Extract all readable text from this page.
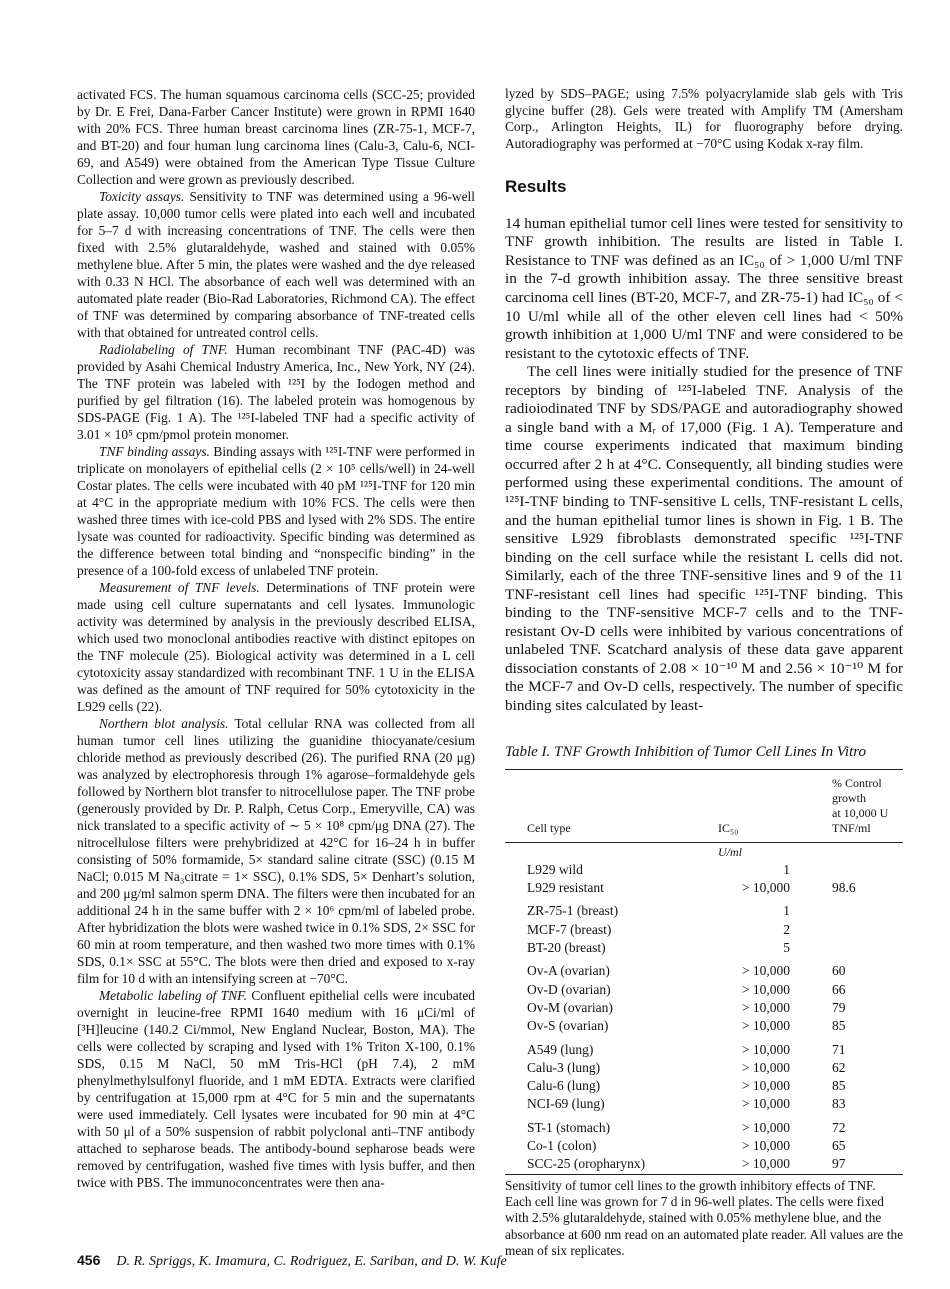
activated FCS. The human squamous carcinoma cells (SCC-25; provided by Dr. E Frei, Dana-Farber Cancer Institute) were grown in RPMI 1640 with 20% FCS. Three human breast carcinoma lines (ZR-75-1, MCF-7, and BT-20) and four human lung carcinoma lines (Calu-3, Calu-6, NCI-69, and A549) were obtained from the American Type Tissue Culture Collection and were grown as previously described.

Toxicity assays. Sensitivity to TNF was determined using a 96-well plate assay. 10,000 tumor cells were plated into each well and incubated for 5–7 d with increasing concentrations of TNF. The cells were then fixed with 2.5% glutaraldehyde, washed and stained with 0.05% methylene blue. After 5 min, the plates were washed and the dye released with 0.33 N HCl. The absorbance of each well was determined with an automated plate reader (Bio-Rad Laboratories, Richmond CA). The effect of TNF was determined by comparing absorbance of TNF-treated cells with that obtained for untreated control cells.

Radiolabeling of TNF. Human recombinant TNF (PAC-4D) was provided by Asahi Chemical Industry America, Inc., New York, NY (24). The TNF protein was labeled with ¹²⁵I by the Iodogen method and purified by gel filtration (16). The labeled protein was homogenous by SDS-PAGE (Fig. 1 A). The ¹²⁵I-labeled TNF had a specific activity of 3.01 × 10⁵ cpm/pmol protein monomer.

TNF binding assays. Binding assays with ¹²⁵I-TNF were performed in triplicate on monolayers of epithelial cells (2 × 10⁵ cells/well) in 24-well Costar plates. The cells were incubated with 40 pM ¹²⁵I-TNF for 120 min at 4°C in the appropriate medium with 10% FCS. The cells were then washed three times with ice-cold PBS and lysed with 2% SDS. The entire lysate was counted for radioactivity. Specific binding was determined as the difference between total binding and “nonspecific binding” in the presence of a 100-fold excess of unlabeled TNF protein.

Measurement of TNF levels. Determinations of TNF protein were made using cell culture supernatants and cell lysates. Immunologic activity was determined by analysis in the previously described ELISA, which used two monoclonal antibodies reactive with distinct epitopes on the TNF molecule (25). Biological activity was determined in a L cell cytotoxicity assay standardized with recombinant TNF. 1 U in the ELISA was defined as the amount of TNF required for 50% cytotoxicity in the L929 cells (22).

Northern blot analysis. Total cellular RNA was collected from all human tumor cell lines utilizing the guanidine thiocyanate/cesium chloride method as previously described (26). The purified RNA (20 μg) was analyzed by electrophoresis through 1% agarose–formaldehyde gels followed by Northern blot transfer to nitrocellulose paper. The TNF probe (generously provided by Dr. P. Ralph, Cetus Corp., Emeryville, CA) was nick translated to a specific activity of ∼ 5 × 10⁸ cpm/μg DNA (27). The nitrocellulose filters were prehybridized at 42°C for 16–24 h in buffer consisting of 50% formamide, 5× standard saline citrate (SSC) (0.15 M NaCl; 0.015 M Na₃citrate = 1× SSC), 0.1% SDS, 5× Denhart’s solution, and 200 μg/ml salmon sperm DNA. The filters were then incubated for an additional 24 h in the same buffer with 2 × 10⁶ cpm/ml of labeled probe. After hybridization the blots were washed twice in 0.1% SDS, 2× SSC for 60 min at room temperature, and then washed two more times with 0.1% SDS, 0.1× SSC at 55°C. The blots were then dried and exposed to x-ray film for 10 d with an intensifying screen at −70°C.

Metabolic labeling of TNF. Confluent epithelial cells were incubated overnight in leucine-free RPMI 1640 medium with 16 μCi/ml of [³H]leucine (140.2 Ci/mmol, New England Nuclear, Boston, MA). The cells were collected by scraping and lysed with 1% Triton X-100, 0.1% SDS, 0.15 M NaCl, 50 mM Tris-HCl (pH 7.4), 2 mM phenylmethylsulfonyl fluoride, and 1 mM EDTA. Extracts were clarified by centrifugation at 15,000 rpm at 4°C for 5 min and the supernatants were used immediately. Cell lysates were incubated for 90 min at 4°C with 50 μl of a 50% suspension of rabbit polyclonal anti–TNF antibody attached to sepharose beads. The antibody-bound sepharose beads were removed by centrifugation, washed five times with lysis buffer, and then twice with PBS. The immunoconcentrates were then ana-

lyzed by SDS–PAGE; using 7.5% polyacrylamide slab gels with Tris glycine buffer (28). Gels were treated with Amplify TM (Amersham Corp., Arlington Heights, IL) for fluorography before drying. Autoradiography was performed at −70°C using Kodak x-ray film.

Results

14 human epithelial tumor cell lines were tested for sensitivity to TNF growth inhibition. The results are listed in Table I. Resistance to TNF was defined as an IC₅₀ of > 1,000 U/ml TNF in the 7-d growth inhibition assay. The three sensitive breast carcinoma cell lines (BT-20, MCF-7, and ZR-75-1) had IC₅₀ of < 10 U/ml while all of the other eleven cell lines had < 50% growth inhibition at 1,000 U/ml TNF and were considered to be resistant to the cytotoxic effects of TNF.

The cell lines were initially studied for the presence of TNF receptors by binding of ¹²⁵I-labeled TNF. Analysis of the radioiodinated TNF by SDS/PAGE and autoradiography showed a single band with a Mᵣ of 17,000 (Fig. 1 A). Temperature and time course experiments indicated that maximum binding occurred after 2 h at 4°C. Consequently, all binding studies were performed using these experimental conditions. The amount of ¹²⁵I-TNF binding to TNF-sensitive L cells, TNF-resistant L cells, and the human epithelial tumor lines is shown in Fig. 1 B. The sensitive L929 fibroblasts demonstrated specific ¹²⁵I-TNF binding on the cell surface while the resistant L cells did not. Similarly, each of the three TNF-sensitive lines and 9 of the 11 TNF-resistant cell lines had specific ¹²⁵I-TNF binding. This binding to the TNF-sensitive MCF-7 cells and to the TNF-resistant Ov-D cells were inhibited by various concentrations of unlabeled TNF. Scatchard analysis of these data gave apparent dissociation constants of 2.08 × 10⁻¹⁰ M and 2.56 × 10⁻¹⁰ M for the MCF-7 and Ov-D cells, respectively. The number of specific binding sites calculated by least-

Table I. TNF Growth Inhibition of Tumor Cell Lines In Vitro
Cell type	IC₅₀	% Control growth
at 10,000 U TNF/ml

	U/ml	
L929 wild	1	
L929 resistant	> 10,000	98.6

ZR-75-1 (breast)	1	
MCF-7 (breast)	2	
BT-20 (breast)	5	

Ov-A (ovarian)	> 10,000	60
Ov-D (ovarian)	> 10,000	66
Ov-M (ovarian)	> 10,000	79
Ov-S (ovarian)	> 10,000	85

A549 (lung)	> 10,000	71
Calu-3 (lung)	> 10,000	62
Calu-6 (lung)	> 10,000	85
NCI-69 (lung)	> 10,000	83

ST-1 (stomach)	> 10,000	72
Co-1 (colon)	> 10,000	65
SCC-25 (oropharynx)	> 10,000	97
Sensitivity of tumor cell lines to the growth inhibitory effects of TNF. Each cell line was grown for 7 d in 96-well plates. The cells were fixed with 2.5% glutaraldehyde, stained with 0.05% methylene blue, and the absorbance at 600 nm read on an automated plate reader. All values are the mean of six replicates.
456 D. R. Spriggs, K. Imamura, C. Rodriguez, E. Sariban, and D. W. Kufe
